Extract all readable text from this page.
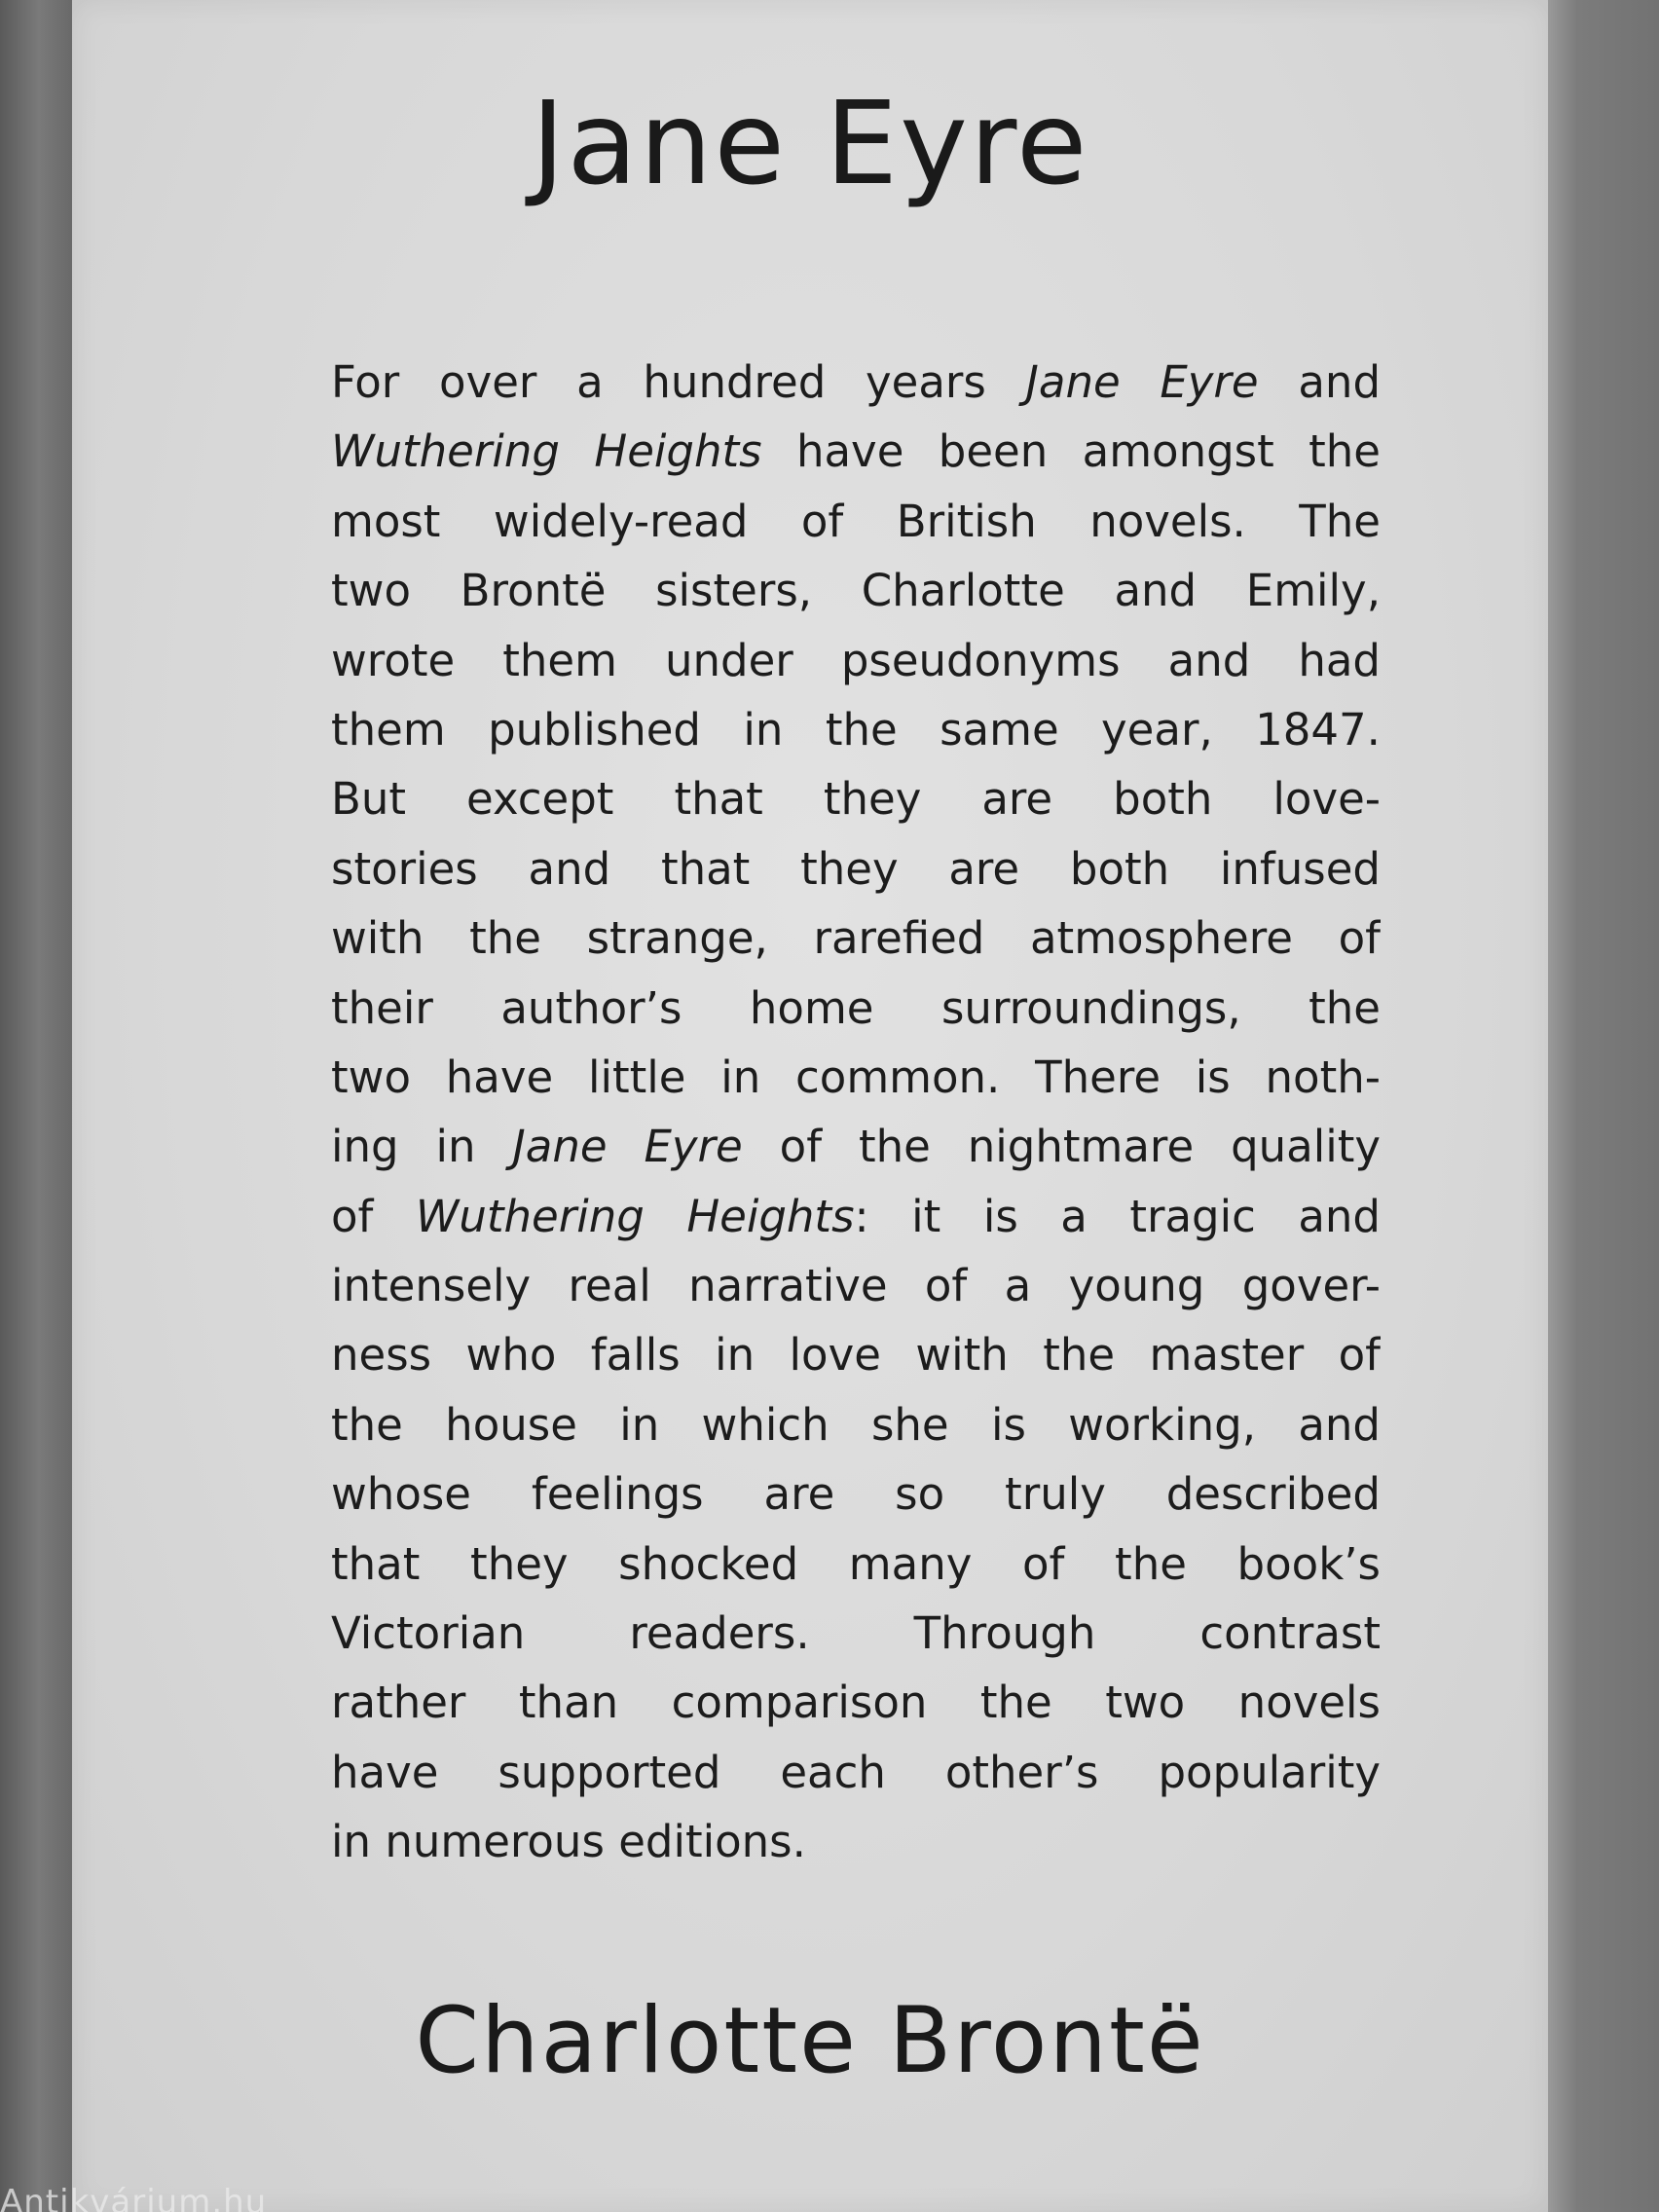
Jane Eyre
For over a hundred years Jane Eyre and
Wuthering Heights have been amongst the
most widely-read of British novels. The
two Brontë sisters, Charlotte and Emily,
wrote them under pseudonyms and had
them published in the same year, 1847.
But except that they are both love-
stories and that they are both infused
with the strange, rarefied atmosphere of
their author’s home surroundings, the
two have little in common. There is noth-
ing in Jane Eyre of the nightmare quality
of Wuthering Heights: it is a tragic and
intensely real narrative of a young gover-
ness who falls in love with the master of
the house in which she is working, and
whose feelings are so truly described
that they shocked many of the book’s
Victorian readers. Through contrast
rather than comparison the two novels
have supported each other’s popularity
in numerous editions.
Charlotte Brontë
Antikvárium.hu
